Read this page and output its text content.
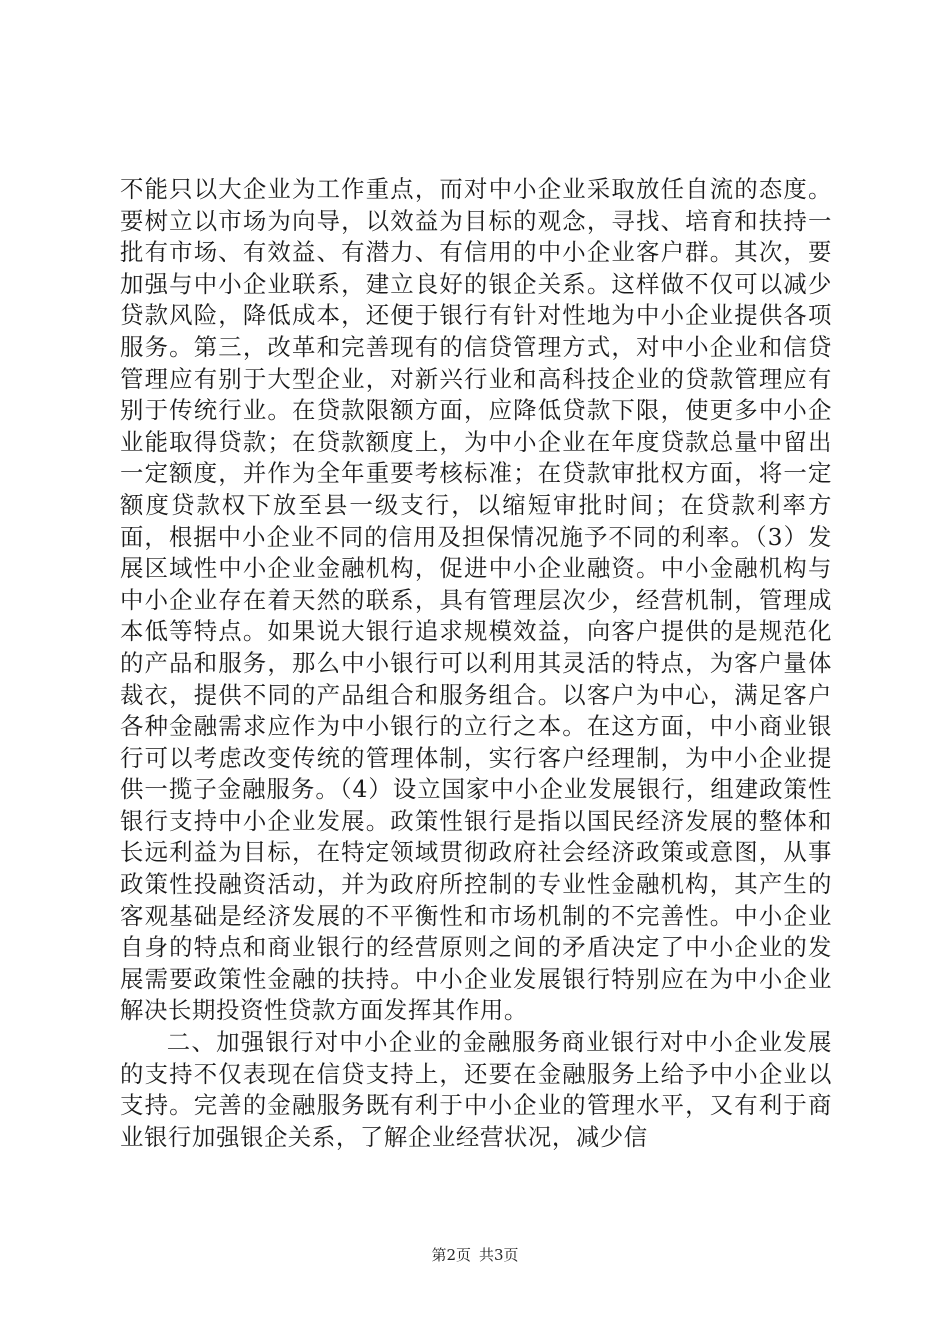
不能只以大企业为工作重点，而对中小企业采取放任自流的态度。要树立以市场为向导，以效益为目标的观念，寻找、培育和扶持一批有市场、有效益、有潜力、有信用的中小企业客户群。其次，要加强与中小企业联系，建立良好的银企关系。这样做不仅可以减少贷款风险，降低成本，还便于银行有针对性地为中小企业提供各项服务。第三，改革和完善现有的信贷管理方式，对中小企业和信贷管理应有别于大型企业，对新兴行业和高科技企业的贷款管理应有别于传统行业。在贷款限额方面，应降低贷款下限，使更多中小企业能取得贷款；在贷款额度上，为中小企业在年度贷款总量中留出一定额度，并作为全年重要考核标准；在贷款审批权方面，将一定额度贷款权下放至县一级支行，以缩短审批时间；在贷款利率方面，根据中小企业不同的信用及担保情况施予不同的利率。（3）发展区域性中小企业金融机构，促进中小企业融资。中小金融机构与中小企业存在着天然的联系，具有管理层次少，经营机制，管理成本低等特点。如果说大银行追求规模效益，向客户提供的是规范化的产品和服务，那么中小银行可以利用其灵活的特点，为客户量体裁衣，提供不同的产品组合和服务组合。以客户为中心，满足客户各种金融需求应作为中小银行的立行之本。在这方面，中小商业银行可以考虑改变传统的管理体制，实行客户经理制，为中小企业提供一揽子金融服务。（4）设立国家中小企业发展银行，组建政策性银行支持中小企业发展。政策性银行是指以国民经济发展的整体和长远利益为目标，在特定领域贯彻政府社会经济政策或意图，从事政策性投融资活动，并为政府所控制的专业性金融机构，其产生的客观基础是经济发展的不平衡性和市场机制的不完善性。中小企业自身的特点和商业银行的经营原则之间的矛盾决定了中小企业的发展需要政策性金融的扶持。中小企业发展银行特别应在为中小企业解决长期投资性贷款方面发挥其作用。

二、加强银行对中小企业的金融服务商业银行对中小企业发展的支持不仅表现在信贷支持上，还要在金融服务上给予中小企业以支持。完善的金融服务既有利于中小企业的管理水平，又有利于商业银行加强银企关系，了解企业经营状况，减少信

第2页 共3页
